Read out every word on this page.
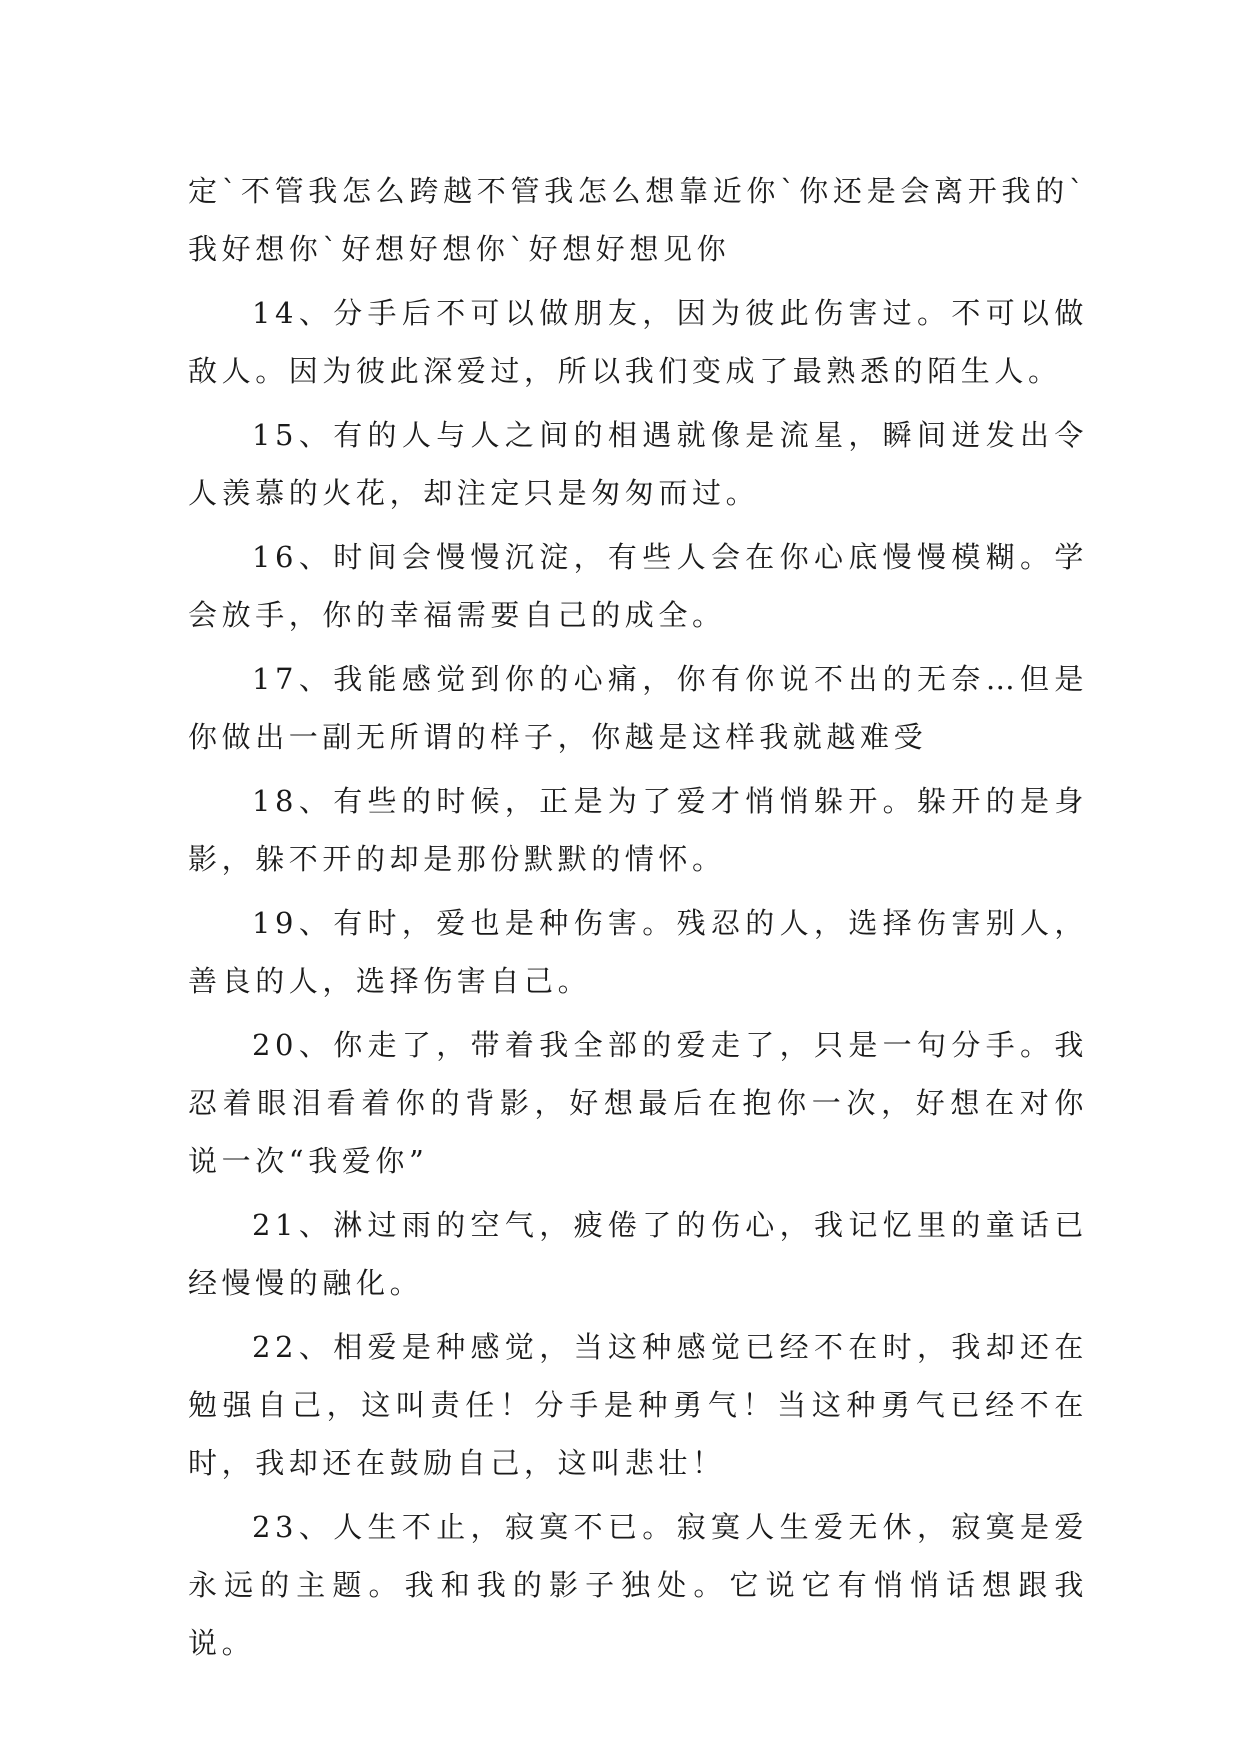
定`不管我怎么跨越不管我怎么想靠近你`你还是会离开我的`我好想你`好想好想你`好想好想见你

14、分手后不可以做朋友，因为彼此伤害过。不可以做敌人。因为彼此深爱过，所以我们变成了最熟悉的陌生人。

15、有的人与人之间的相遇就像是流星，瞬间迸发出令人羡慕的火花，却注定只是匆匆而过。

16、时间会慢慢沉淀，有些人会在你心底慢慢模糊。学会放手，你的幸福需要自己的成全。

17、我能感觉到你的心痛，你有你说不出的无奈…但是你做出一副无所谓的样子，你越是这样我就越难受

18、有些的时候，正是为了爱才悄悄躲开。躲开的是身影，躲不开的却是那份默默的情怀。

19、有时，爱也是种伤害。残忍的人，选择伤害别人，善良的人，选择伤害自己。

20、你走了，带着我全部的爱走了，只是一句分手。我忍着眼泪看着你的背影，好想最后在抱你一次，好想在对你说一次“我爱你”

21、淋过雨的空气，疲倦了的伤心，我记忆里的童话已经慢慢的融化。

22、相爱是种感觉，当这种感觉已经不在时，我却还在勉强自己，这叫责任！分手是种勇气！当这种勇气已经不在时，我却还在鼓励自己，这叫悲壮！

23、人生不止，寂寞不已。寂寞人生爱无休，寂寞是爱永远的主题。我和我的影子独处。它说它有悄悄话想跟我说。
